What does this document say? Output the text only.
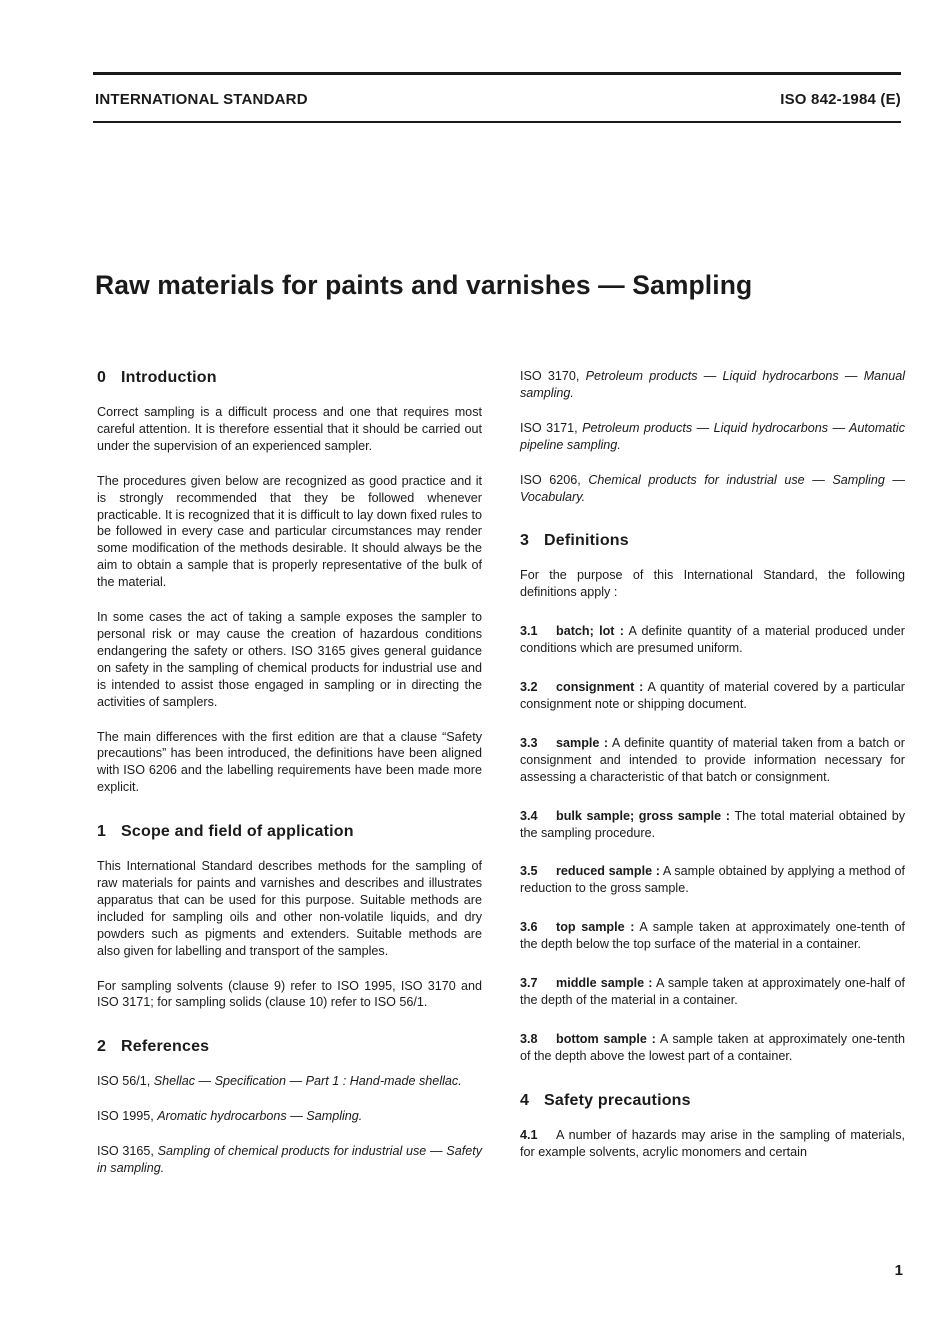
INTERNATIONAL STANDARD	ISO 842-1984 (E)
Raw materials for paints and varnishes — Sampling
0 Introduction

Correct sampling is a difficult process and one that requires most careful attention. It is therefore essential that it should be carried out under the supervision of an experienced sampler.

The procedures given below are recognized as good practice and it is strongly recommended that they be followed whenever practicable. It is recognized that it is difficult to lay down fixed rules to be followed in every case and particular circumstances may render some modification of the methods desirable. It should always be the aim to obtain a sample that is properly representative of the bulk of the material.

In some cases the act of taking a sample exposes the sampler to personal risk or may cause the creation of hazardous conditions endangering the safety or others. ISO 3165 gives general guidance on safety in the sampling of chemical products for industrial use and is intended to assist those engaged in sampling or in directing the activities of samplers.

The main differences with the first edition are that a clause “Safety precautions” has been introduced, the definitions have been aligned with ISO 6206 and the labelling requirements have been made more explicit.

1 Scope and field of application

This International Standard describes methods for the sampling of raw materials for paints and varnishes and describes and illustrates apparatus that can be used for this purpose. Suitable methods are included for sampling oils and other non-volatile liquids, and dry powders such as pigments and extenders. Suitable methods are also given for labelling and transport of the samples.

For sampling solvents (clause 9) refer to ISO 1995, ISO 3170 and ISO 3171; for sampling solids (clause 10) refer to ISO 56/1.

2 References

ISO 56/1, Shellac — Specification — Part 1 : Hand-made shellac.

ISO 1995, Aromatic hydrocarbons — Sampling.

ISO 3165, Sampling of chemical products for industrial use — Safety in sampling.

ISO 3170, Petroleum products — Liquid hydrocarbons — Manual sampling.

ISO 3171, Petroleum products — Liquid hydrocarbons — Automatic pipeline sampling.

ISO 6206, Chemical products for industrial use — Sampling — Vocabulary.

3 Definitions

For the purpose of this International Standard, the following definitions apply :

3.1 batch; lot : A definite quantity of a material produced under conditions which are presumed uniform.

3.2 consignment : A quantity of material covered by a particular consignment note or shipping document.

3.3 sample : A definite quantity of material taken from a batch or consignment and intended to provide information necessary for assessing a characteristic of that batch or consignment.

3.4 bulk sample; gross sample : The total material obtained by the sampling procedure.

3.5 reduced sample : A sample obtained by applying a method of reduction to the gross sample.

3.6 top sample : A sample taken at approximately one-tenth of the depth below the top surface of the material in a container.

3.7 middle sample : A sample taken at approximately one-half of the depth of the material in a container.

3.8 bottom sample : A sample taken at approximately one-tenth of the depth above the lowest part of a container.

4 Safety precautions

4.1 A number of hazards may arise in the sampling of materials, for example solvents, acrylic monomers and certain

1
